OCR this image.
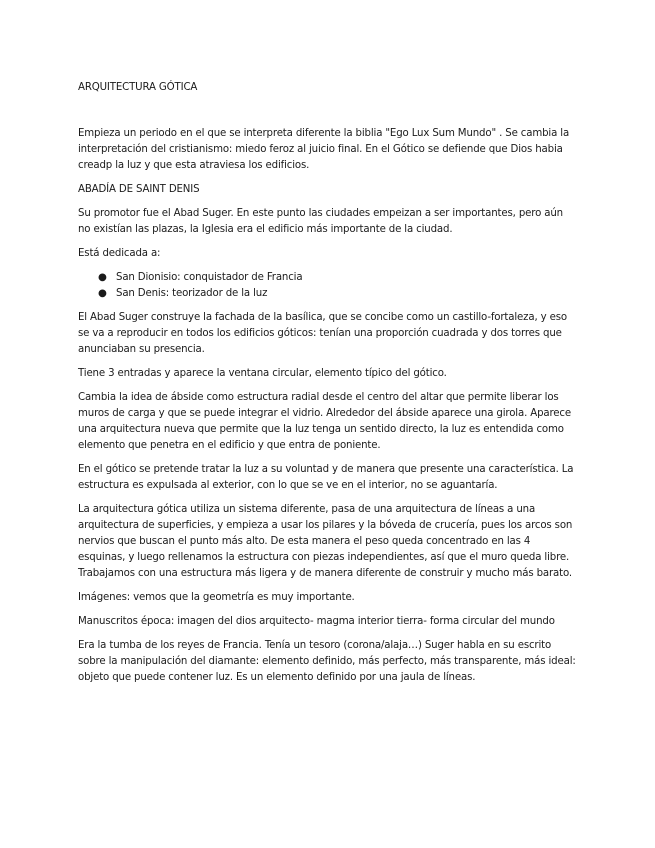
ARQUITECTURA GÓTICA

Empieza un periodo en el que se interpreta diferente la biblia "Ego Lux Sum Mundo" . Se cambia la interpretación del cristianismo: miedo feroz al juicio final. En el Gótico se defiende que Dios habia creadp la luz y que esta atraviesa los edificios.

ABADÍA DE SAINT DENIS

Su promotor fue el Abad Suger. En este punto las ciudades empeizan a ser importantes, pero aún no existían las plazas, la Iglesia era el edificio más importante de la ciudad.

Está dedicada a:

● San Dionisio: conquistador de Francia
● San Denis: teorizador de la luz

El Abad Suger construye la fachada de la basílica, que se concibe como un castillo-fortaleza, y eso se va a reproducir en todos los edificios góticos: tenían una proporción cuadrada y dos torres que anunciaban su presencia.

Tiene 3 entradas y aparece la ventana circular, elemento típico del gótico.

Cambia la idea de ábside como estructura radial desde el centro del altar que permite liberar los muros de carga y que se puede integrar el vidrio. Alrededor del ábside aparece una girola. Aparece una arquitectura nueva que permite que la luz tenga un sentido directo, la luz es entendida como elemento que penetra en el edificio y que entra de poniente.

En el gótico se pretende tratar la luz a su voluntad y de manera que presente una característica. La estructura es expulsada al exterior, con lo que se ve en el interior, no se aguantaría.

La arquitectura gótica utiliza un sistema diferente, pasa de una arquitectura de líneas a una arquitectura de superficies, y empieza a usar los pilares y la bóveda de crucería, pues los arcos son nervios que buscan el punto más alto. De esta manera el peso queda concentrado en las 4 esquinas, y luego rellenamos la estructura con piezas independientes, así que el muro queda libre. Trabajamos con una estructura más ligera y de manera diferente de construir y mucho más barato.

Imágenes: vemos que la geometría es muy importante.

Manuscritos época: imagen del dios arquitecto- magma interior tierra- forma circular del mundo

Era la tumba de los reyes de Francia. Tenía un tesoro (corona/alaja…) Suger habla en su escrito sobre la manipulación del diamante: elemento definido, más perfecto, más transparente, más ideal: objeto que puede contener luz. Es un elemento definido por una jaula de líneas.
